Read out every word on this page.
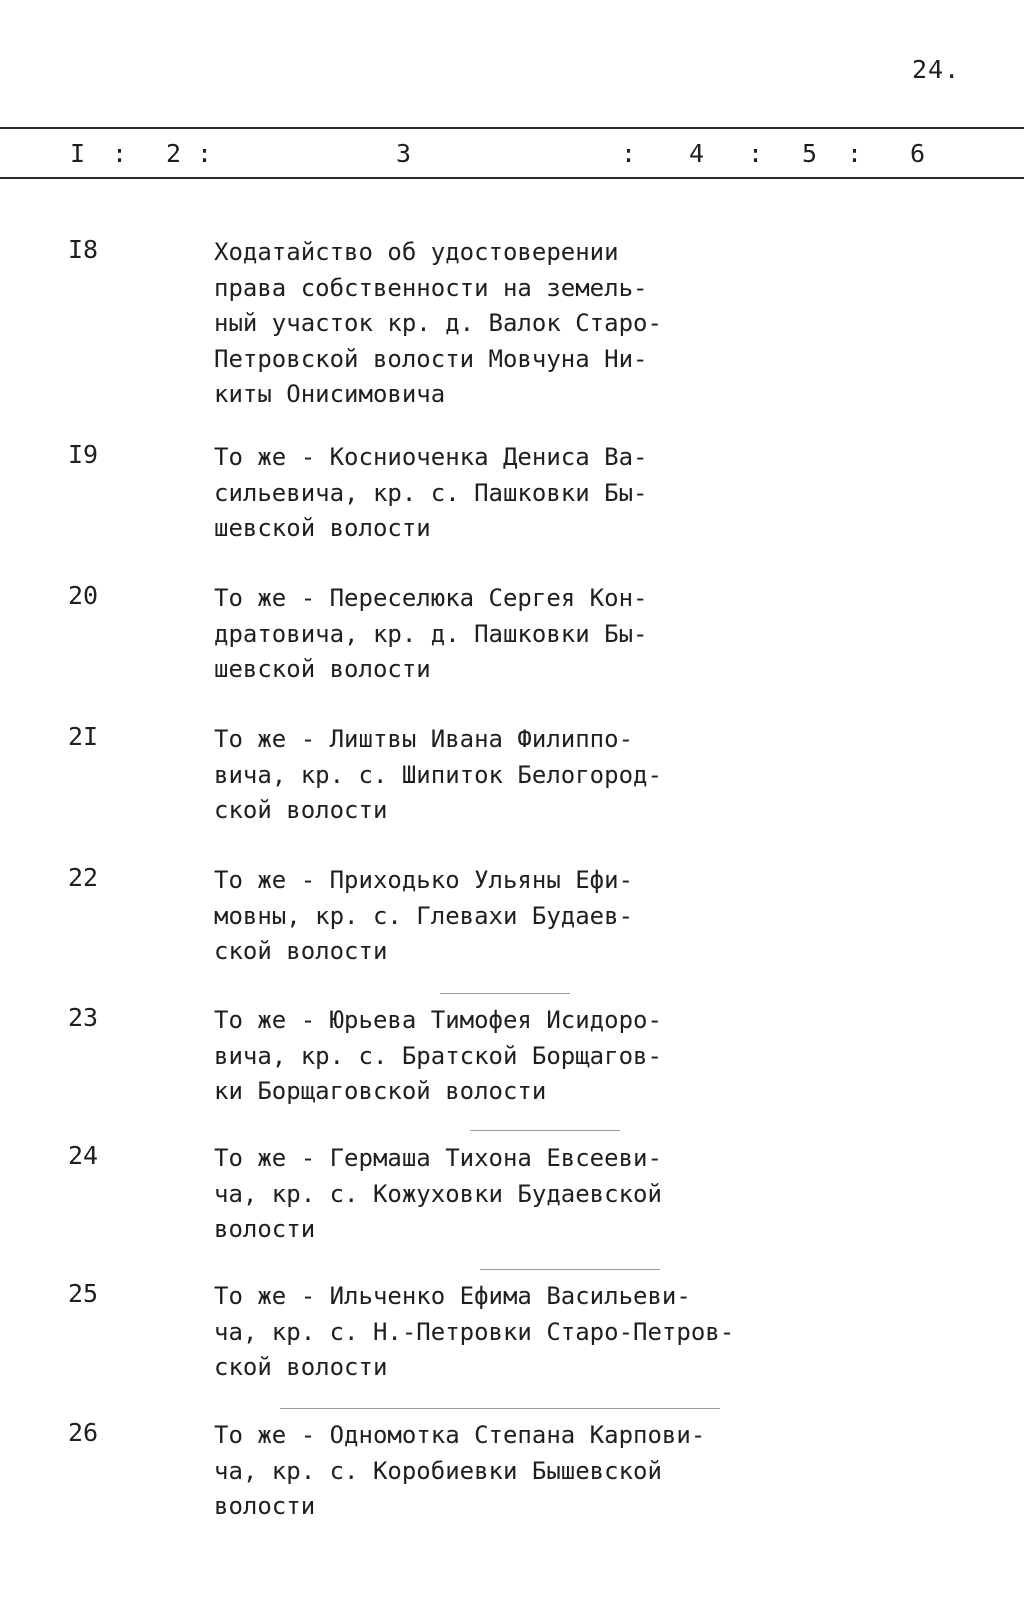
24.
I : 2 :	3	: 4 : 5 : 6
I8	Ходатайство об удостоверении
права собственности на земель-
ный участок кр. д. Валок Старо-
Петровской волости Мовчуна Ни-
киты Онисимовича
I9	То же - Косниоченка Дениса Ва-
сильевича, кр. с. Пашковки Бы-
шевской волости
20	То же - Переселюка Сергея Кон-
дратовича, кр. д. Пашковки Бы-
шевской волости
2I	То же - Лиштвы Ивана Филиппо-
вича, кр. с. Шипиток Белогород-
ской волости
22	То же - Приходько Ульяны Ефи-
мовны, кр. с. Глевахи Будаев-
ской волости
23	То же - Юрьева Тимофея Исидоро-
вича, кр. с. Братской Борщагов-
ки Борщаговской волости
24	То же - Гермаша Тихона Евсееви-
ча, кр. с. Кожуховки Будаевской
волости
25	То же - Ильченко Ефима Васильеви-
ча, кр. с. Н.-Петровки Старо-Петров-
ской волости
26	То же - Одномотка Степана Карпови-
ча, кр. с. Коробиевки Бышевской
волости
